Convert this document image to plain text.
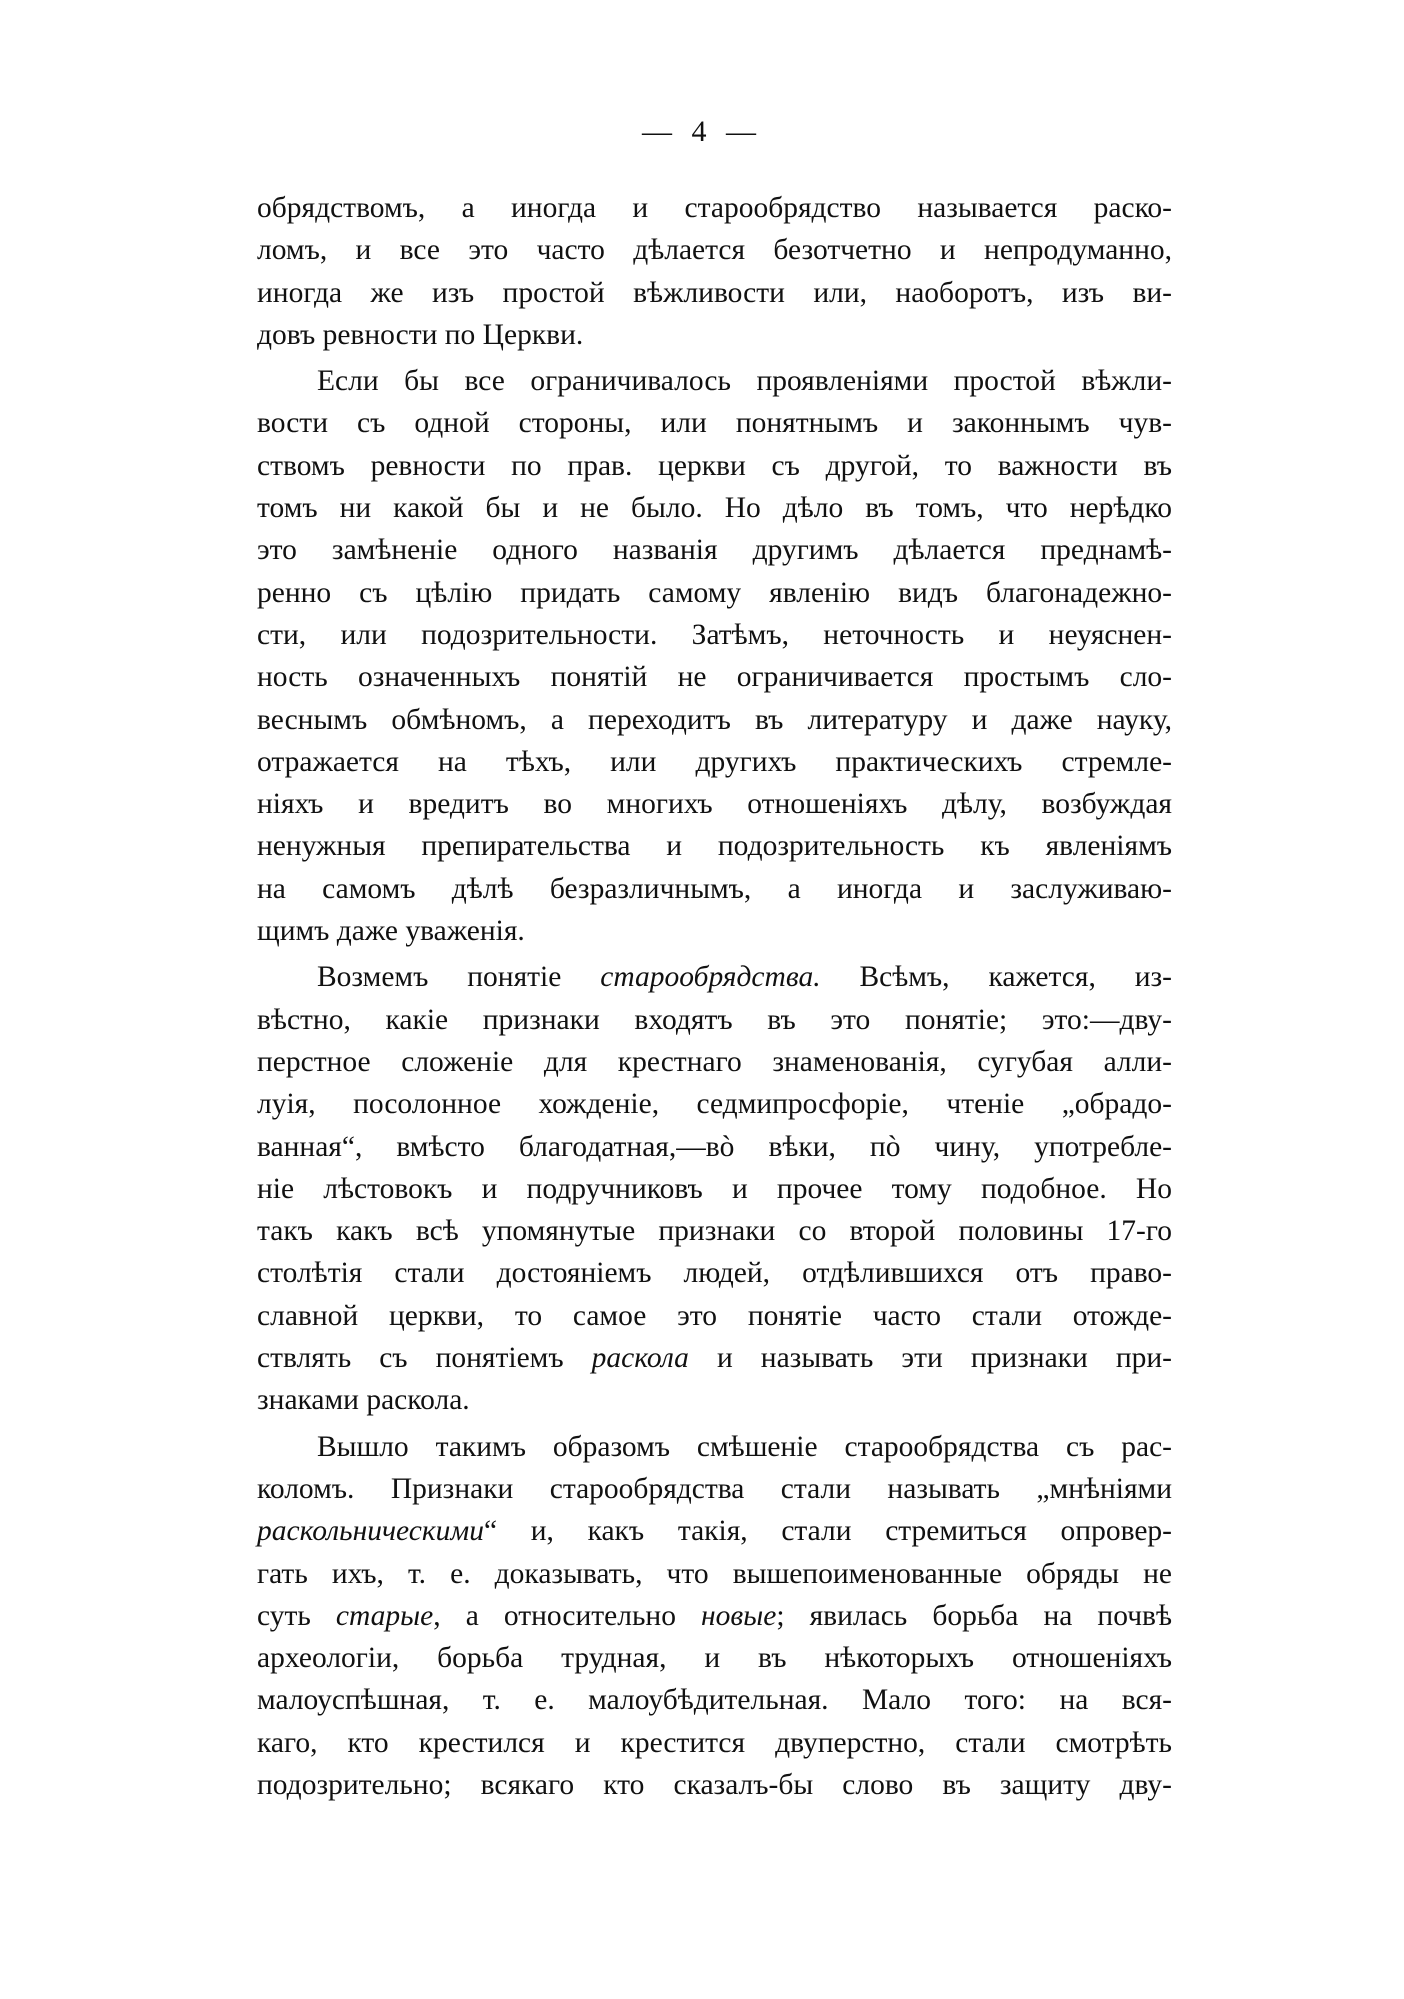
— 4 —
обрядствомъ, а иногда и старообрядство называется раско-
ломъ, и все это часто дѣлается безотчетно и непродуманно,
иногда же изъ простой вѣжливости или, наоборотъ, изъ ви-
довъ ревности по Церкви.
Если бы все ограничивалось проявленіями простой вѣжли-
вости съ одной стороны, или понятнымъ и законнымъ чув-
ствомъ ревности по прав. церкви съ другой, то важности въ
томъ ни какой бы и не было. Но дѣло въ томъ, что нерѣдко
это замѣненіе одного названія другимъ дѣлается преднамѣ-
ренно съ цѣлію придать самому явленію видъ благонадежно-
сти, или подозрительности. Затѣмъ, неточность и неуяснен-
ность означенныхъ понятій не ограничивается простымъ сло-
веснымъ обмѣномъ, а переходитъ въ литературу и даже науку,
отражается на тѣхъ, или другихъ практическихъ стремле-
ніяхъ и вредитъ во многихъ отношеніяхъ дѣлу, возбуждая
ненужныя препирательства и подозрительность къ явленіямъ
на самомъ дѣлѣ безразличнымъ, а иногда и заслуживаю-
щимъ даже уваженія.
Возмемъ понятіе старообрядства. Всѣмъ, кажется, из-
вѣстно, какіе признаки входятъ въ это понятіе; это:—дву-
перстное сложеніе для крестнаго знаменованія, сугубая алли-
луія, посолонное хожденіе, седмипросфоріе, чтеніе „обрадо-
ванная“, вмѣсто благодатная,—вò вѣки, пò чину, употребле-
ніе лѣстовокъ и подручниковъ и прочее тому подобное. Но
такъ какъ всѣ упомянутые признаки со второй половины 17-го
столѣтія стали достояніемъ людей, отдѣлившихся отъ право-
славной церкви, то самое это понятіе часто стали отожде-
ствлять съ понятіемъ раскола и называть эти признаки при-
знаками раскола.
Вышло такимъ образомъ смѣшеніе старообрядства съ рас-
коломъ. Признаки старообрядства стали называть „мнѣніями
раскольническими“ и, какъ такія, стали стремиться опровер-
гать ихъ, т. е. доказывать, что вышепоименованные обряды не
суть старые, а относительно новые; явилась борьба на почвѣ
археологіи, борьба трудная, и въ нѣкоторыхъ отношеніяхъ
малоуспѣшная, т. е. малоубѣдительная. Мало того: на вся-
каго, кто крестился и крестится двуперстно, стали смотрѣть
подозрительно; всякаго кто сказалъ-бы слово въ защиту дву-
